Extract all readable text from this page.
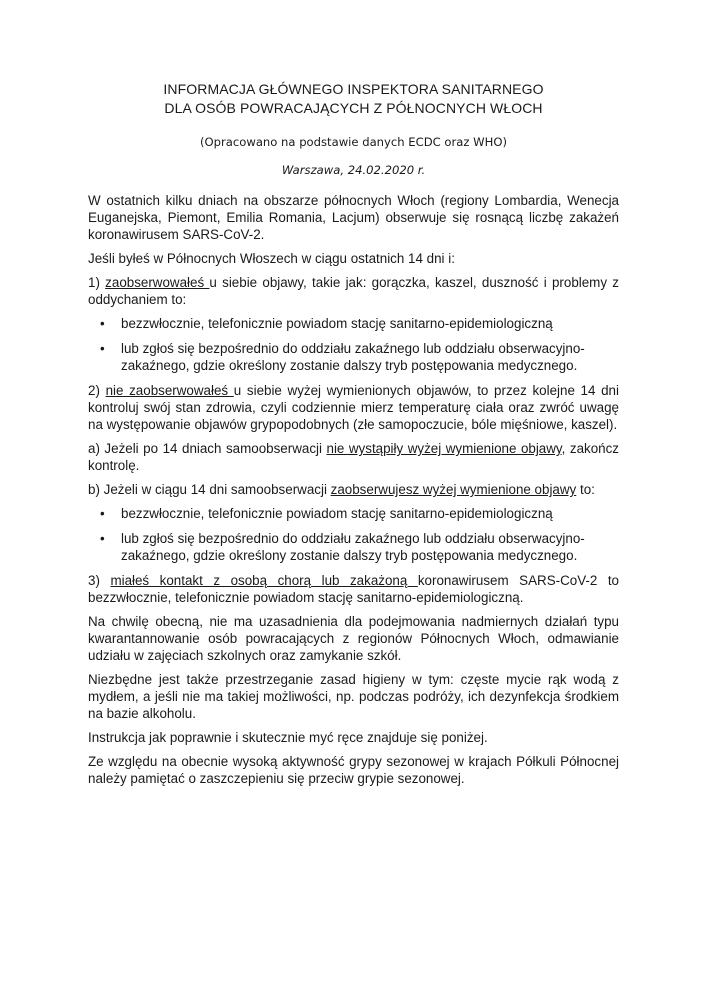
INFORMACJA GŁÓWNEGO INSPEKTORA SANITARNEGO
DLA OSÓB POWRACAJĄCYCH Z PÓŁNOCNYCH WŁOCH
(Opracowano na podstawie danych ECDC oraz WHO)
Warszawa, 24.02.2020 r.

W ostatnich kilku dniach na obszarze północnych Włoch (regiony Lombardia, Wenecja Euganejska, Piemont, Emilia Romania, Lacjum) obserwuje się rosnącą liczbę zakażeń koronawirusem SARS-CoV-2.

Jeśli byłeś w Północnych Włoszech w ciągu ostatnich 14 dni i:

1) zaobserwowałeś u siebie objawy, takie jak: gorączka, kaszel, duszność i problemy z oddychaniem to:

• bezzwłocznie, telefonicznie powiadom stację sanitarno-epidemiologiczną
• lub zgłoś się bezpośrednio do oddziału zakaźnego lub oddziału obserwacyjno-zakaźnego, gdzie określony zostanie dalszy tryb postępowania medycznego.

2) nie zaobserwowałeś u siebie wyżej wymienionych objawów, to przez kolejne 14 dni kontroluj swój stan zdrowia, czyli codziennie mierz temperaturę ciała oraz zwróć uwagę na występowanie objawów grypopodobnych (złe samopoczucie, bóle mięśniowe, kaszel).

a) Jeżeli po 14 dniach samoobserwacji nie wystąpiły wyżej wymienione objawy, zakończ kontrolę.

b) Jeżeli w ciągu 14 dni samoobserwacji zaobserwujesz wyżej wymienione objawy to:

• bezzwłocznie, telefonicznie powiadom stację sanitarno-epidemiologiczną
• lub zgłoś się bezpośrednio do oddziału zakaźnego lub oddziału obserwacyjno-zakaźnego, gdzie określony zostanie dalszy tryb postępowania medycznego.

3) miałeś kontakt z osobą chorą lub zakażoną koronawirusem SARS-CoV-2 to bezzwłocznie, telefonicznie powiadom stację sanitarno-epidemiologiczną.

Na chwilę obecną, nie ma uzasadnienia dla podejmowania nadmiernych działań typu kwarantannowanie osób powracających z regionów Północnych Włoch, odmawianie udziału w zajęciach szkolnych oraz zamykanie szkół.

Niezbędne jest także przestrzeganie zasad higieny w tym: częste mycie rąk wodą z mydłem, a jeśli nie ma takiej możliwości, np. podczas podróży, ich dezynfekcja środkiem na bazie alkoholu.

Instrukcja jak poprawnie i skutecznie myć ręce znajduje się poniżej.

Ze względu na obecnie wysoką aktywność grypy sezonowej w krajach Półkuli Północnej należy pamiętać o zaszczepieniu się przeciw grypie sezonowej.
